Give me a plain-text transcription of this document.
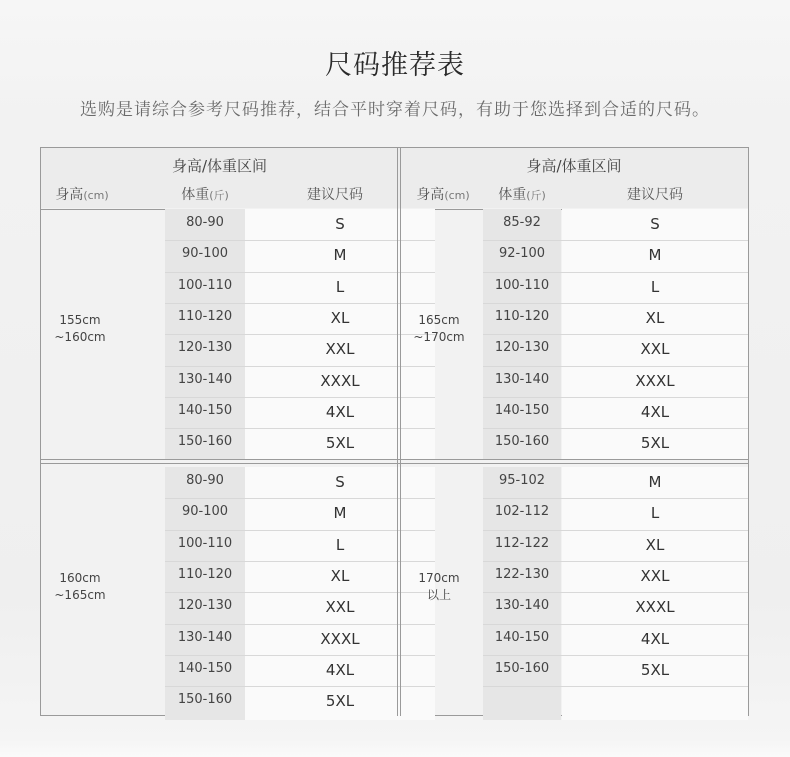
尺码推荐表
选购是请综合参考尺码推荐，结合平时穿着尺码，有助于您选择到合适的尺码。
身高/体重区间
身高(cm)	体重(斤)	建议尺码
身高/体重区间
身高(cm)	体重(斤)	建议尺码
155cm
~160cm
80-90	S
90-100	M
100-110	L
110-120	XL
120-130	XXL
130-140	XXXL
140-150	4XL
150-160	5XL
165cm
~170cm
85-92	S
92-100	M
100-110	L
110-120	XL
120-130	XXL
130-140	XXXL
140-150	4XL
150-160	5XL
160cm
~165cm
80-90	S
90-100	M
100-110	L
110-120	XL
120-130	XXL
130-140	XXXL
140-150	4XL
150-160	5XL
170cm
以上
95-102	M
102-112	L
112-122	XL
122-130	XXL
130-140	XXXL
140-150	4XL
150-160	5XL
